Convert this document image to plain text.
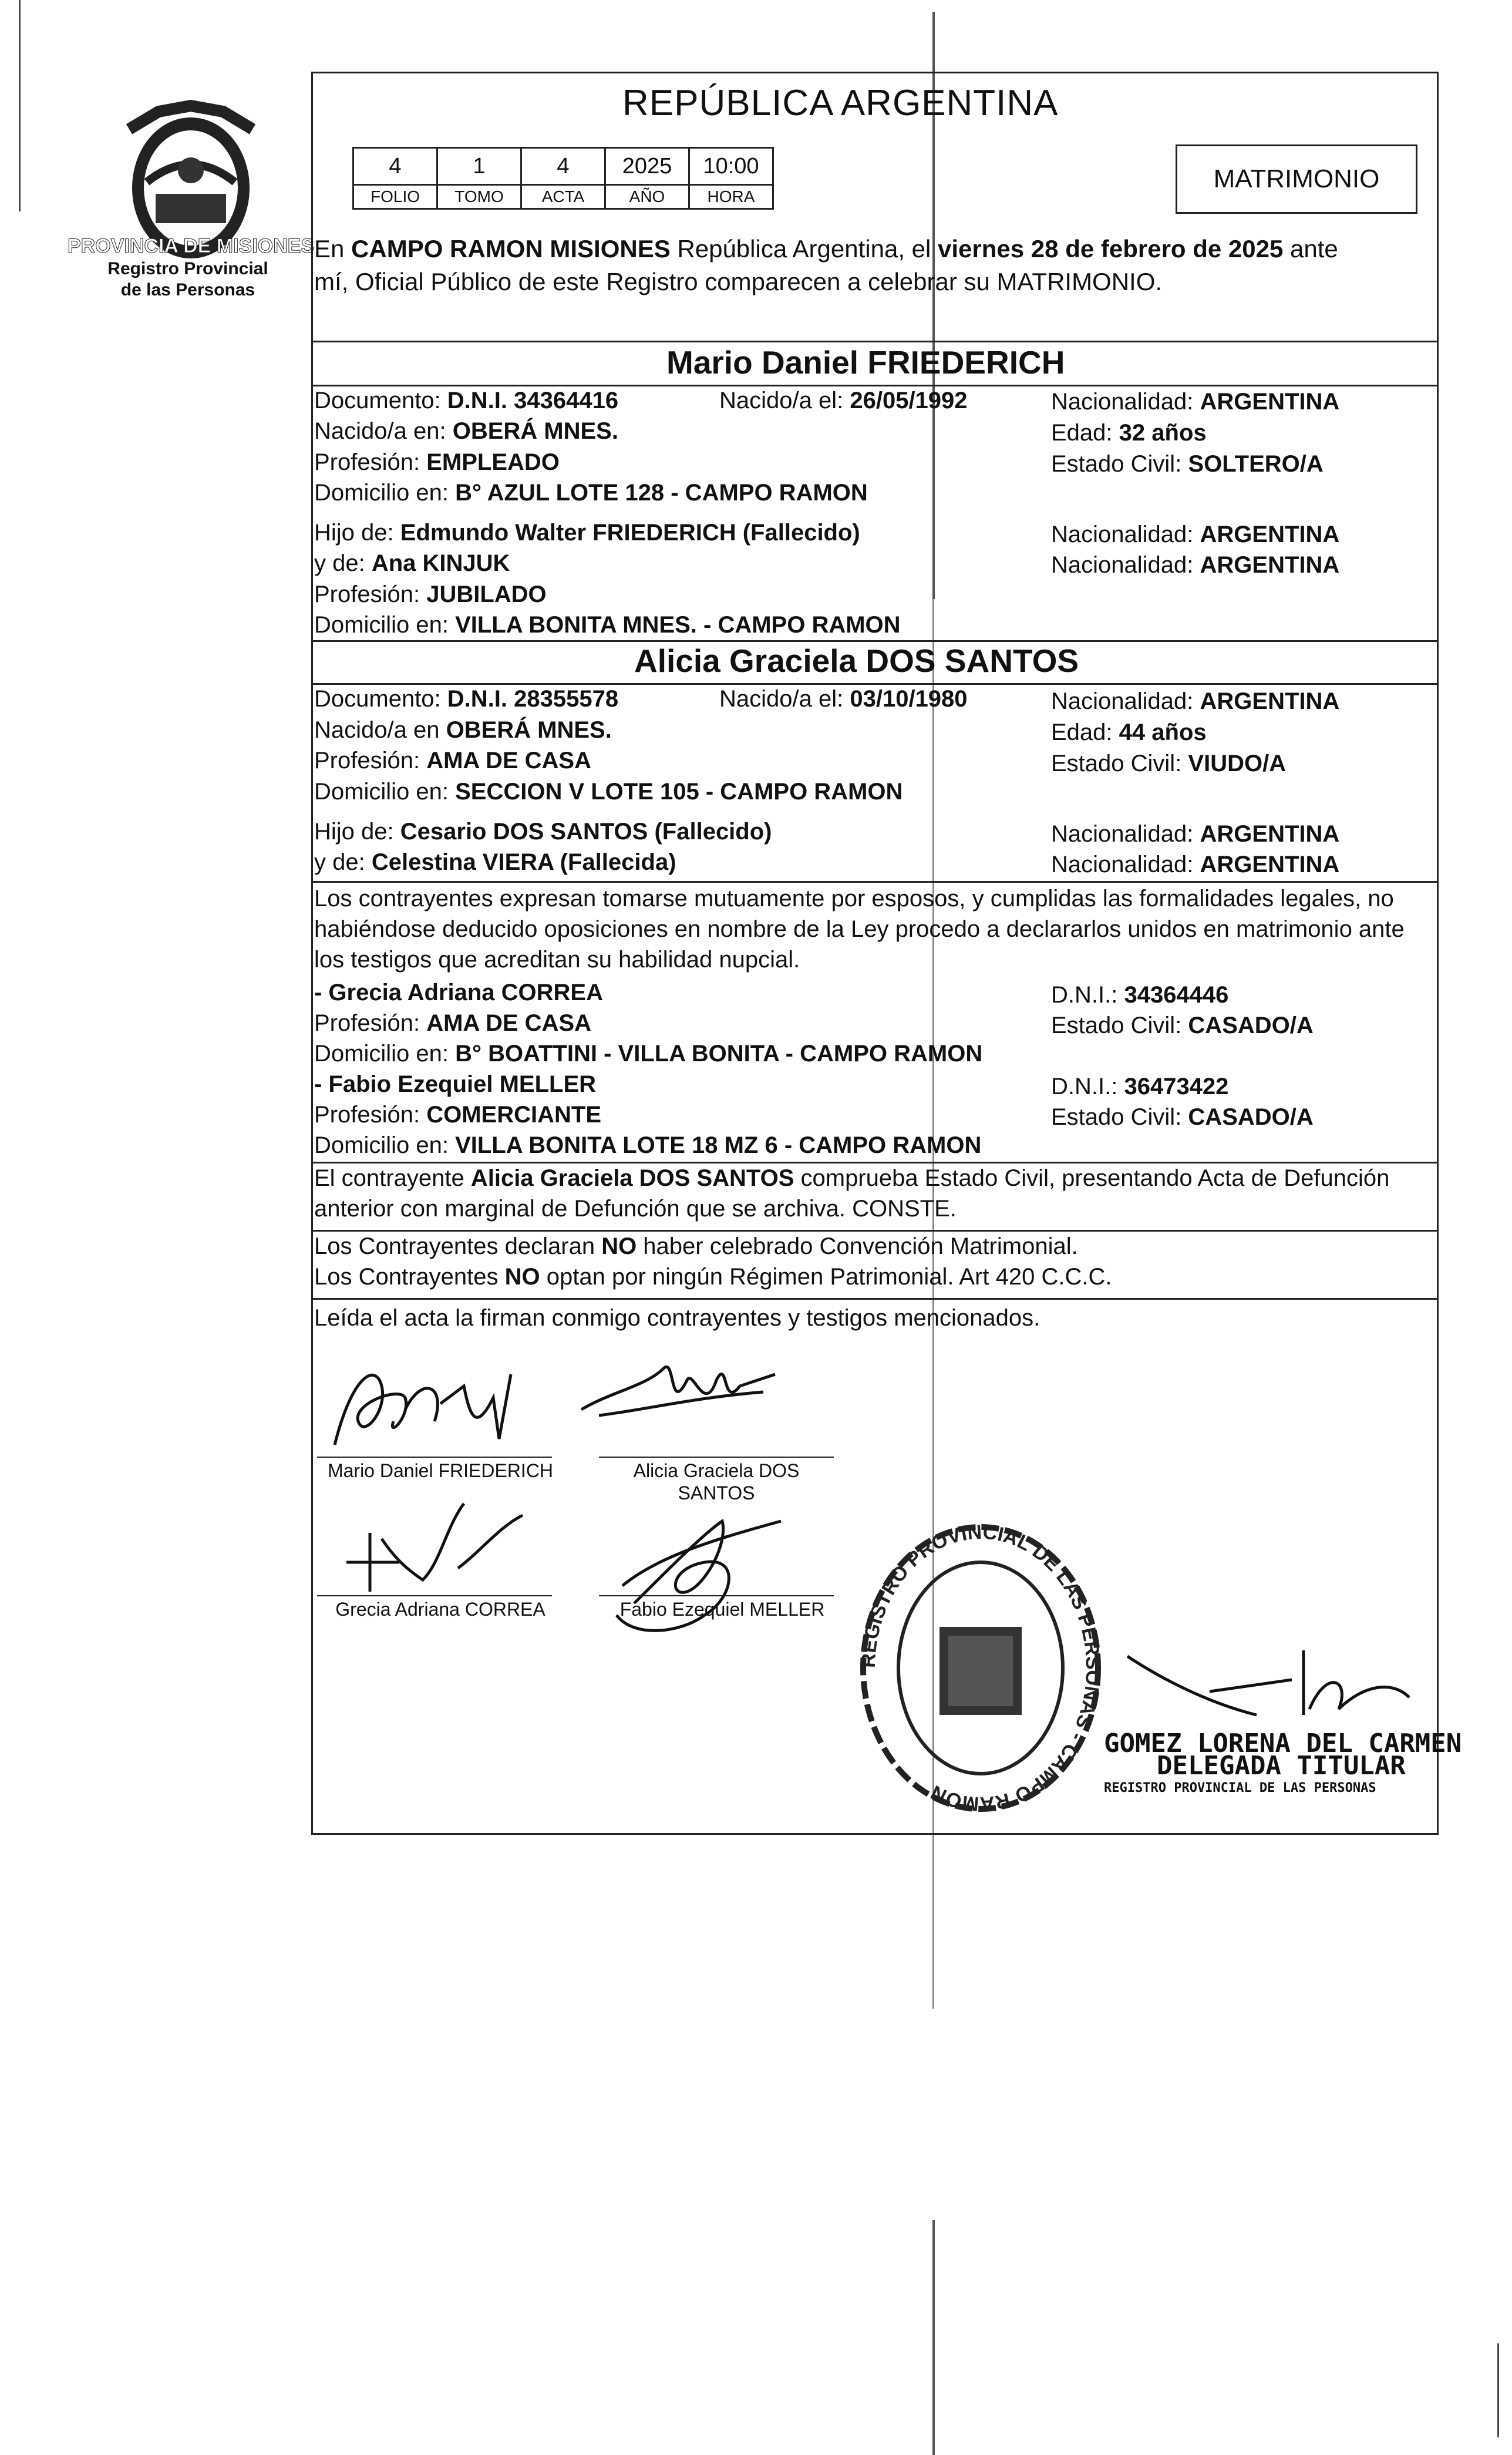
PROVINCIA DE MISIONES
Registro Provincial
de las Personas
REPÚBLICA ARGENTINA
4	1	4	2025	10:00
FOLIO	TOMO	ACTA	AÑO	HORA
MATRIMONIO
En CAMPO RAMON MISIONES República Argentina, el viernes 28 de febrero de 2025 ante
mí, Oficial Público de este Registro comparecen a celebrar su MATRIMONIO.
Mario Daniel FRIEDERICH
Documento: D.N.I. 34364416	Nacido/a el: 26/05/1992	Nacionalidad: ARGENTINA
Nacido/a en: OBERÁ MNES.	Edad: 32 años
Profesión: EMPLEADO	Estado Civil: SOLTERO/A
Domicilio en: B° AZUL LOTE 128 - CAMPO RAMON
Hijo de: Edmundo Walter FRIEDERICH (Fallecido)	Nacionalidad: ARGENTINA
y de: Ana KINJUK	Nacionalidad: ARGENTINA
Profesión: JUBILADO
Domicilio en: VILLA BONITA MNES. - CAMPO RAMON
Alicia Graciela DOS SANTOS
Documento: D.N.I. 28355578	Nacido/a el: 03/10/1980	Nacionalidad: ARGENTINA
Nacido/a en OBERÁ MNES.	Edad: 44 años
Profesión: AMA DE CASA	Estado Civil: VIUDO/A
Domicilio en: SECCION V LOTE 105 - CAMPO RAMON
Hijo de: Cesario DOS SANTOS (Fallecido)	Nacionalidad: ARGENTINA
y de: Celestina VIERA (Fallecida)	Nacionalidad: ARGENTINA
Los contrayentes expresan tomarse mutuamente por esposos, y cumplidas las formalidades legales, no
habiéndose deducido oposiciones en nombre de la Ley procedo a declararlos unidos en matrimonio ante
los testigos que acreditan su habilidad nupcial.
- Grecia Adriana CORREA	D.N.I.: 34364446
Profesión: AMA DE CASA	Estado Civil: CASADO/A
Domicilio en: B° BOATTINI - VILLA BONITA - CAMPO RAMON
- Fabio Ezequiel MELLER	D.N.I.: 36473422
Profesión: COMERCIANTE	Estado Civil: CASADO/A
Domicilio en: VILLA BONITA LOTE 18 MZ 6 - CAMPO RAMON
El contrayente Alicia Graciela DOS SANTOS comprueba Estado Civil, presentando Acta de Defunción
anterior con marginal de Defunción que se archiva. CONSTE.
Los Contrayentes declaran NO haber celebrado Convención Matrimonial.
Los Contrayentes NO optan por ningún Régimen Patrimonial. Art 420 C.C.C.
Leída el acta la firman conmigo contrayentes y testigos mencionados.
Mario Daniel FRIEDERICH	Alicia Graciela DOS
SANTOS
Grecia Adriana CORREA	Fabio Ezequiel MELLER
REGISTRO PROVINCIAL DE LAS PERSONAS - CAMPO RAMON
GOMEZ LORENA DEL CARMEN
DELEGADA TITULAR
REGISTRO PROVINCIAL DE LAS PERSONAS
